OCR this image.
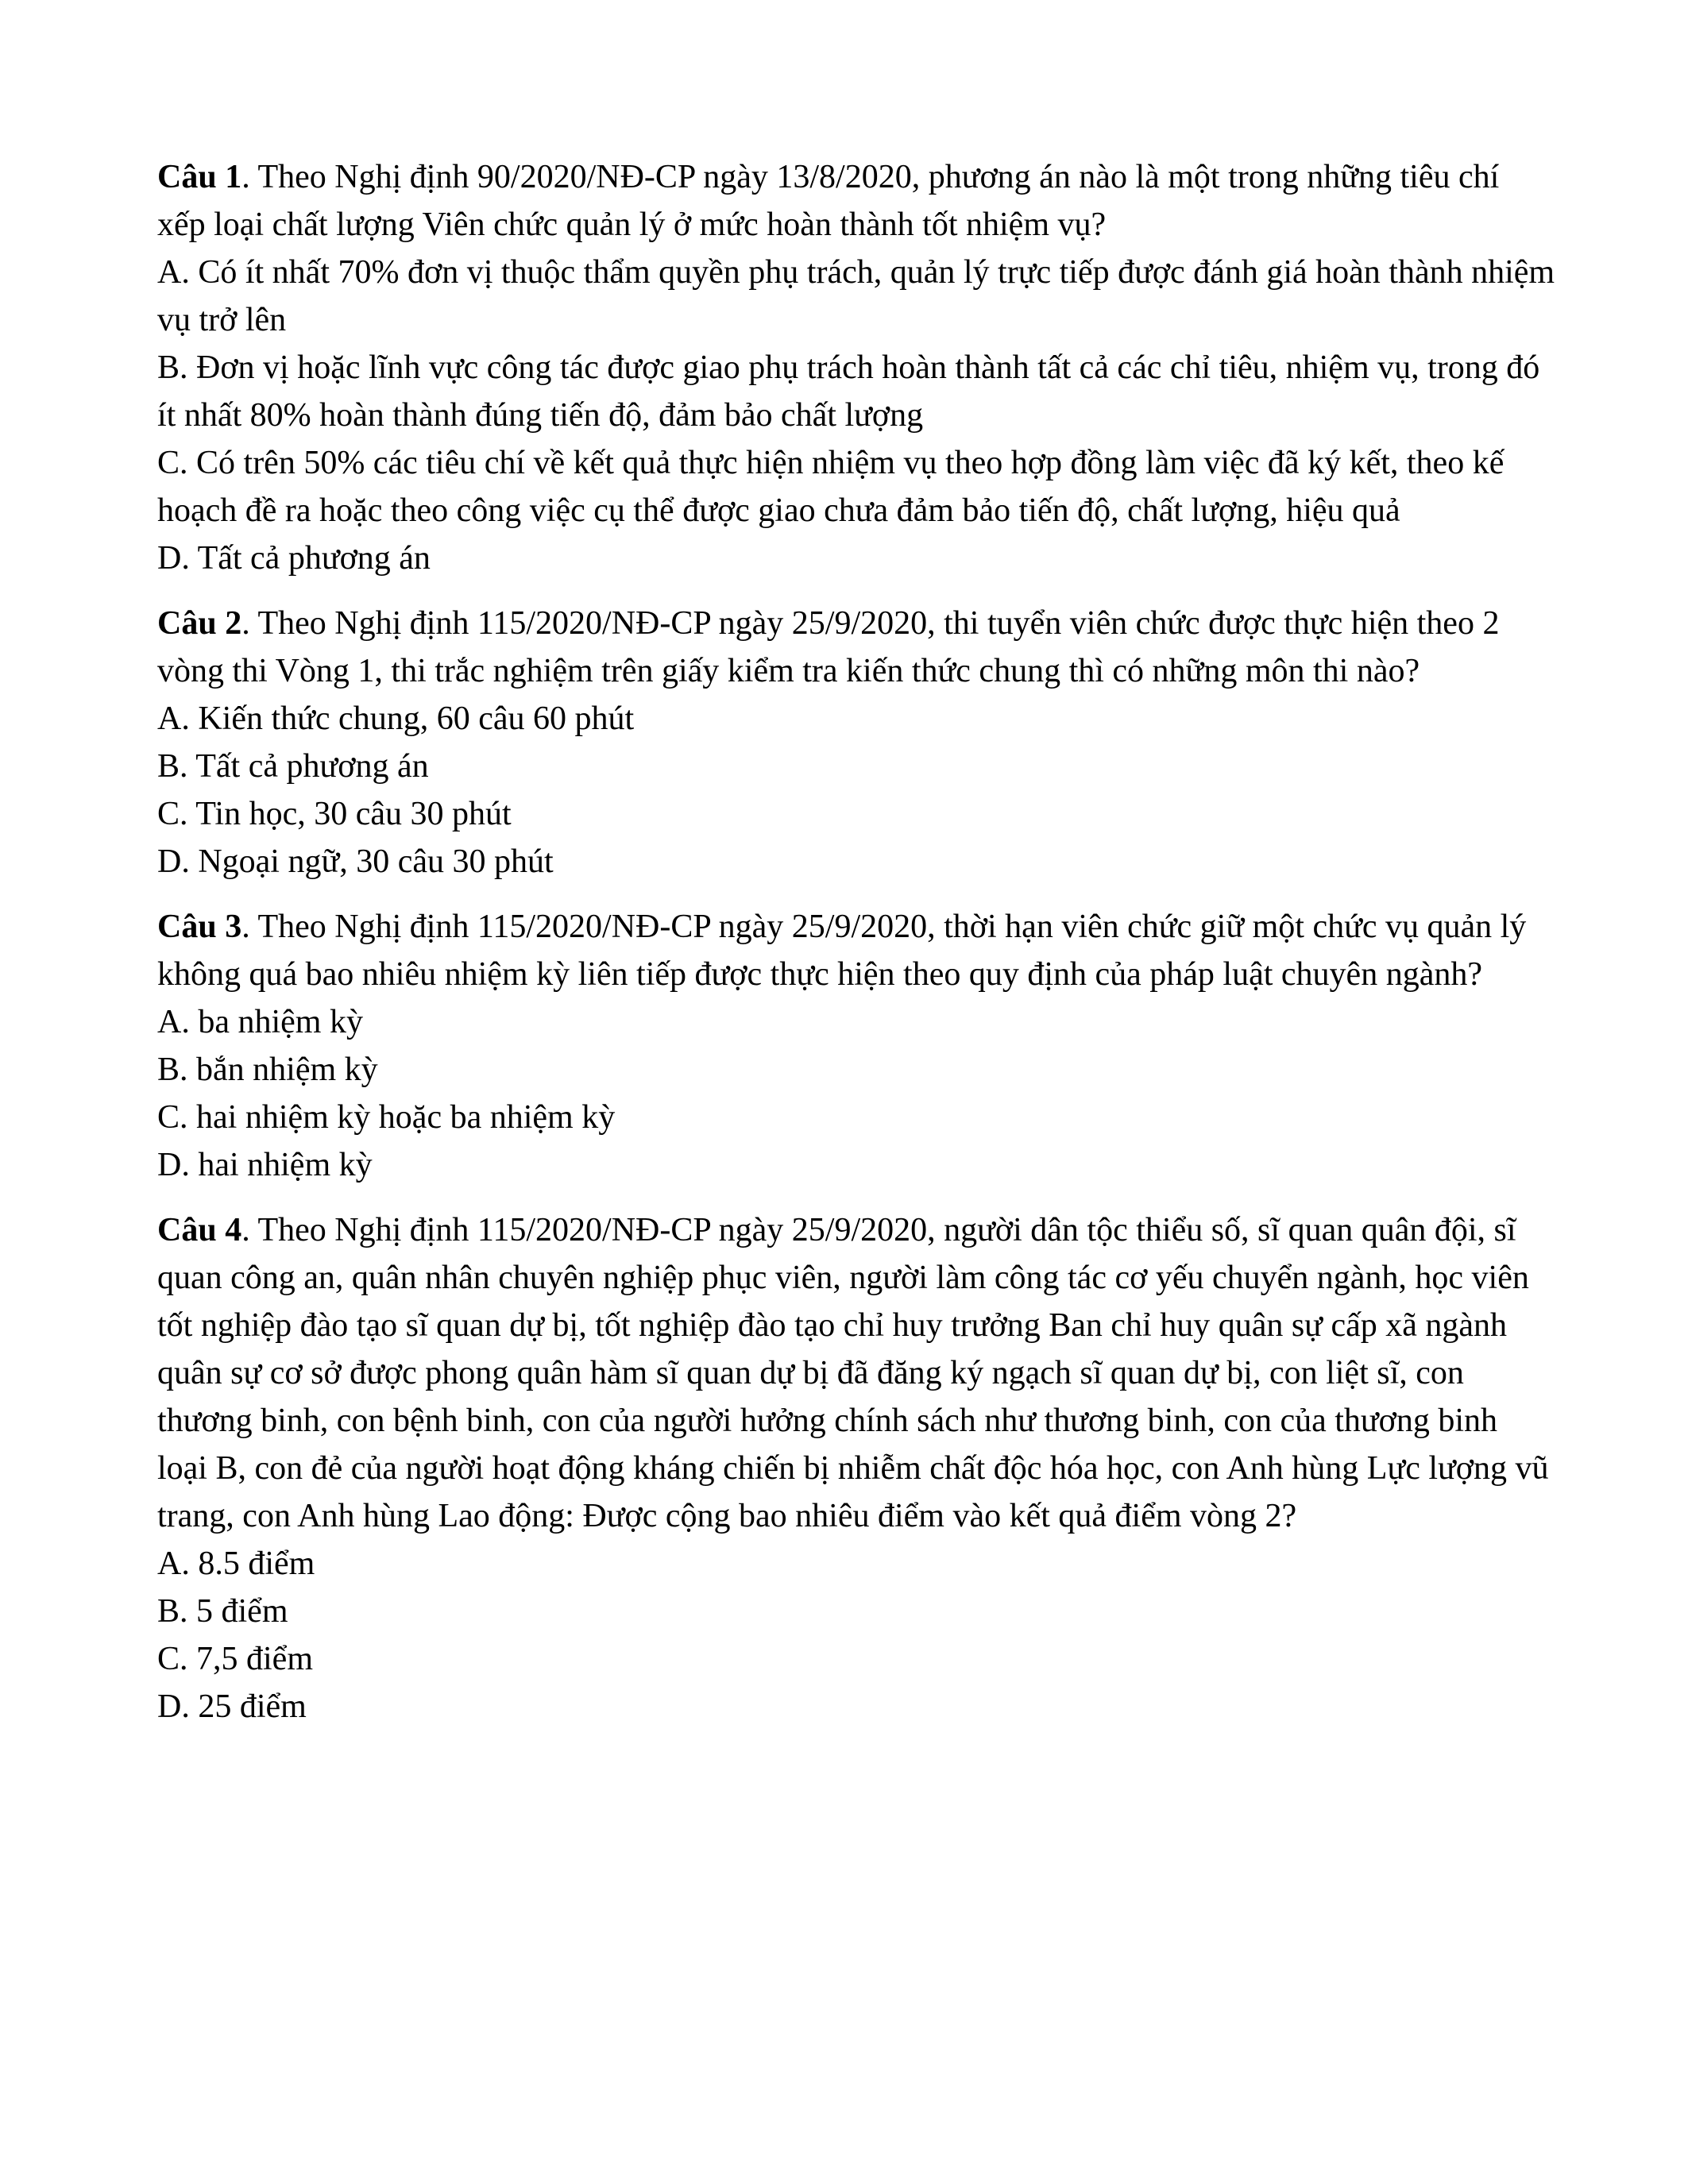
Câu 1. Theo Nghị định 90/2020/NĐ-CP ngày 13/8/2020, phương án nào là một trong những tiêu chí xếp loại chất lượng Viên chức quản lý ở mức hoàn thành tốt nhiệm vụ?

A. Có ít nhất 70% đơn vị thuộc thẩm quyền phụ trách, quản lý trực tiếp được đánh giá hoàn thành nhiệm vụ trở lên

B. Đơn vị hoặc lĩnh vực công tác được giao phụ trách hoàn thành tất cả các chỉ tiêu, nhiệm vụ, trong đó ít nhất 80% hoàn thành đúng tiến độ, đảm bảo chất lượng

C. Có trên 50% các tiêu chí về kết quả thực hiện nhiệm vụ theo hợp đồng làm việc đã ký kết, theo kế hoạch đề ra hoặc theo công việc cụ thể được giao chưa đảm bảo tiến độ, chất lượng, hiệu quả

D. Tất cả phương án

Câu 2. Theo Nghị định 115/2020/NĐ-CP ngày 25/9/2020, thi tuyển viên chức được thực hiện theo 2 vòng thi Vòng 1, thi trắc nghiệm trên giấy kiểm tra kiến thức chung thì có những môn thi nào?

A. Kiến thức chung, 60 câu 60 phút

B. Tất cả phương án

C. Tin học, 30 câu 30 phút

D. Ngoại ngữ, 30 câu 30 phút

Câu 3. Theo Nghị định 115/2020/NĐ-CP ngày 25/9/2020, thời hạn viên chức giữ một chức vụ quản lý không quá bao nhiêu nhiệm kỳ liên tiếp được thực hiện theo quy định của pháp luật chuyên ngành?

A. ba nhiệm kỳ

B. bắn nhiệm kỳ

C. hai nhiệm kỳ hoặc ba nhiệm kỳ

D. hai nhiệm kỳ

Câu 4. Theo Nghị định 115/2020/NĐ-CP ngày 25/9/2020, người dân tộc thiểu số, sĩ quan quân đội, sĩ quan công an, quân nhân chuyên nghiệp phục viên, người làm công tác cơ yếu chuyển ngành, học viên tốt nghiệp đào tạo sĩ quan dự bị, tốt nghiệp đào tạo chỉ huy trưởng Ban chỉ huy quân sự cấp xã ngành quân sự cơ sở được phong quân hàm sĩ quan dự bị đã đăng ký ngạch sĩ quan dự bị, con liệt sĩ, con thương binh, con bệnh binh, con của người hưởng chính sách như thương binh, con của thương binh loại B, con đẻ của người hoạt động kháng chiến bị nhiễm chất độc hóa học, con Anh hùng Lực lượng vũ trang, con Anh hùng Lao động: Được cộng bao nhiêu điểm vào kết quả điểm vòng 2?

A. 8.5 điểm

B. 5 điểm

C. 7,5 điểm

D. 25 điểm
